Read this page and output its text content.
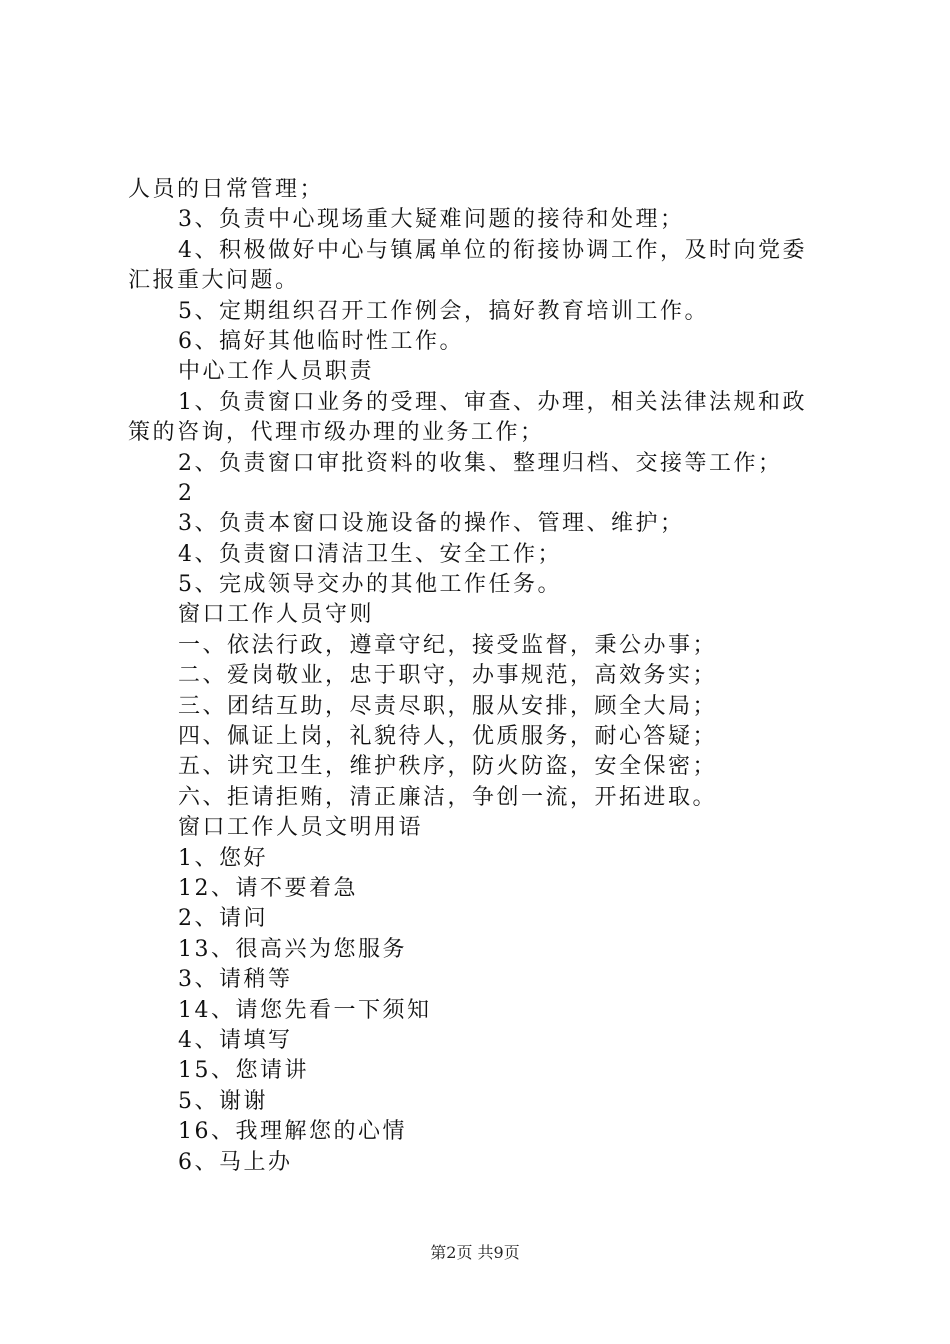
人员的日常管理；
3、负责中心现场重大疑难问题的接待和处理；
4、积极做好中心与镇属单位的衔接协调工作，及时向党委
汇报重大问题。
5、定期组织召开工作例会，搞好教育培训工作。
6、搞好其他临时性工作。
中心工作人员职责
1、负责窗口业务的受理、审查、办理，相关法律法规和政
策的咨询，代理市级办理的业务工作；
2、负责窗口审批资料的收集、整理归档、交接等工作；
2
3、负责本窗口设施设备的操作、管理、维护；
4、负责窗口清洁卫生、安全工作；
5、完成领导交办的其他工作任务。
窗口工作人员守则
一、依法行政，遵章守纪，接受监督，秉公办事；
二、爱岗敬业，忠于职守，办事规范，高效务实；
三、团结互助，尽责尽职，服从安排，顾全大局；
四、佩证上岗，礼貌待人，优质服务，耐心答疑；
五、讲究卫生，维护秩序，防火防盗，安全保密；
六、拒请拒贿，清正廉洁，争创一流，开拓进取。
窗口工作人员文明用语
1、您好
12、请不要着急
2、请问
13、很高兴为您服务
3、请稍等
14、请您先看一下须知
4、请填写
15、您请讲
5、谢谢
16、我理解您的心情
6、马上办
第2页 共9页
